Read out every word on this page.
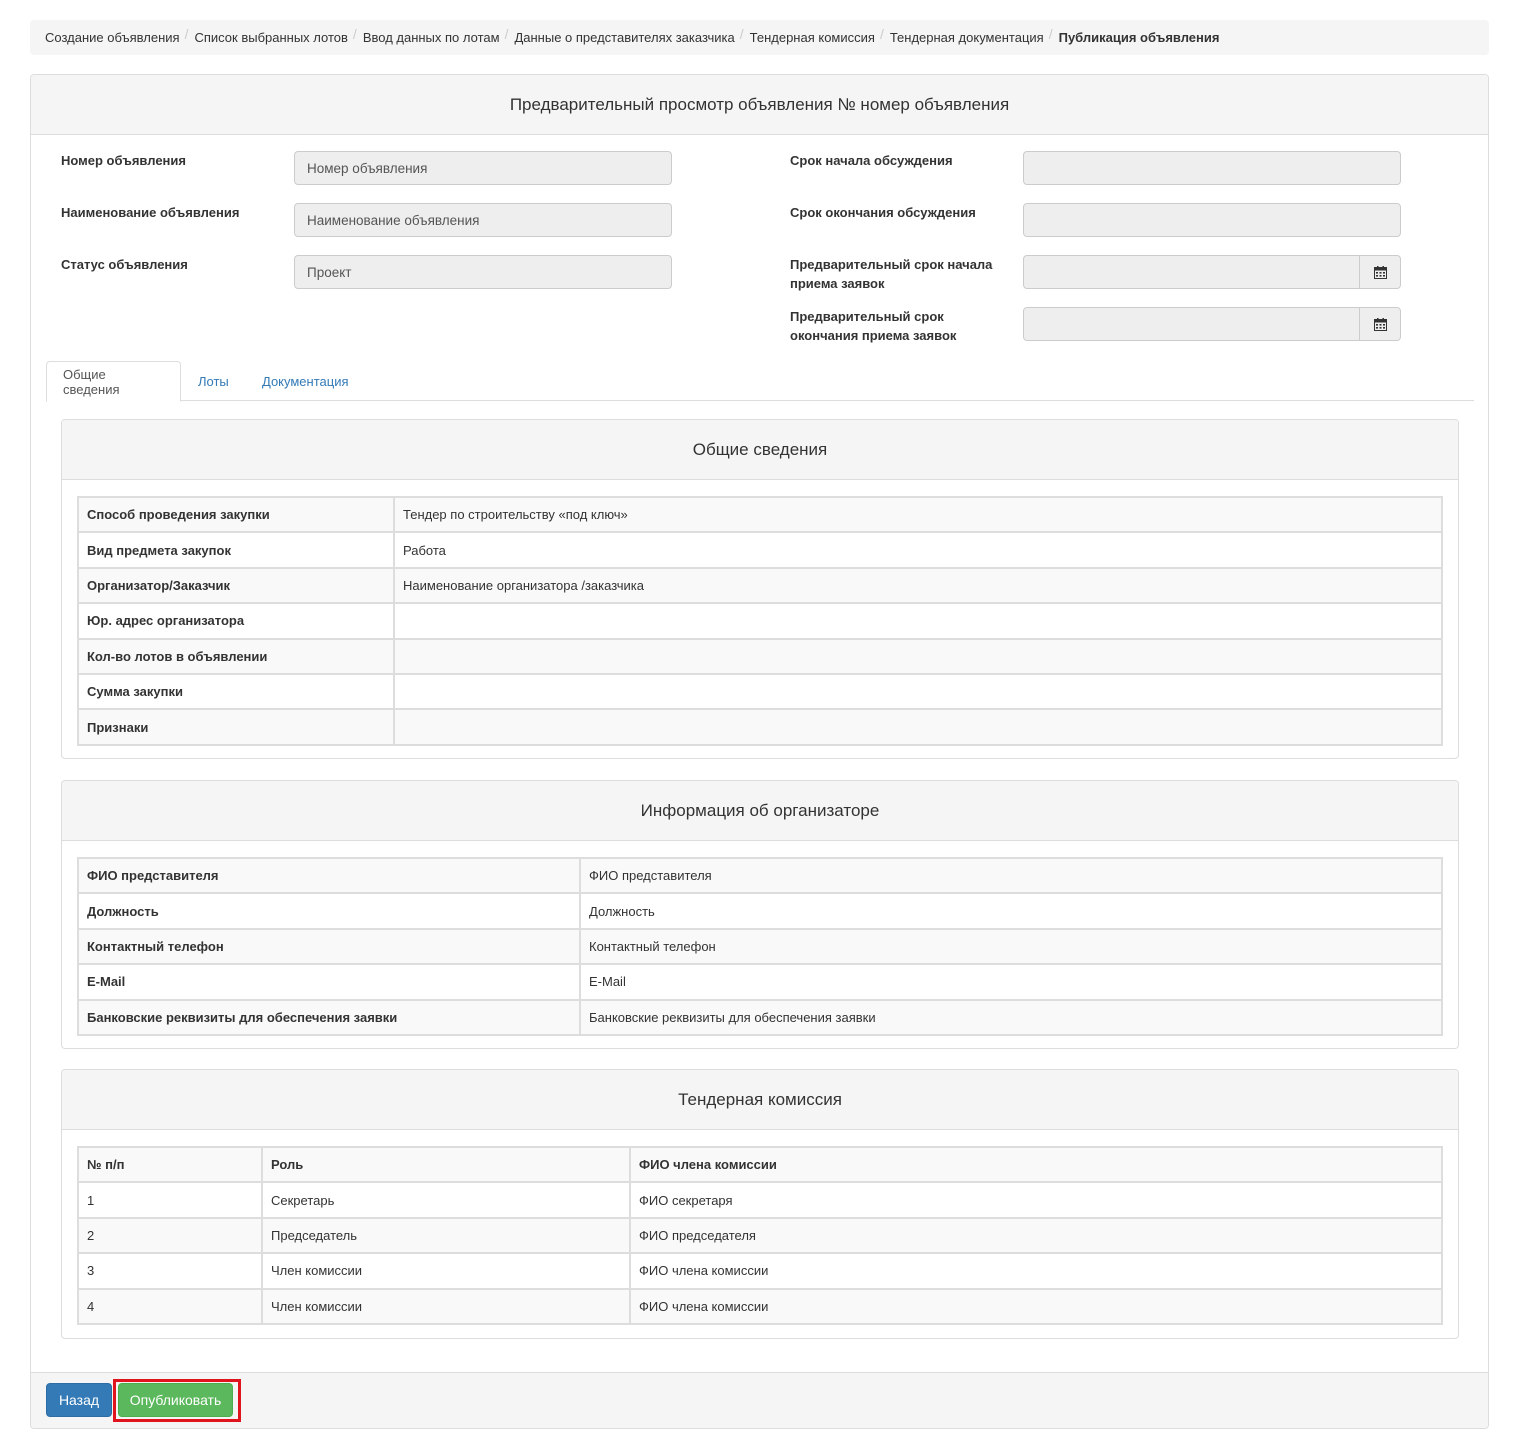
Создание объявления / Список выбранных лотов / Ввод данных по лотам / Данные о представителях заказчика / Тендерная комиссия / Тендерная документация / Публикация объявления
Предварительный просмотр объявления № номер объявления
Номер объявления	Номер объявления
Наименование объявления	Наименование объявления
Статус объявления	Проект
Срок начала обсуждения
Срок окончания обсуждения
Предварительный срок начала
приема заявок
Предварительный срок
окончания приема заявок
Общие сведения
Лоты	Документация
Общие сведения
Способ проведения закупки	Тендер по строительству «под ключ»
Вид предмета закупок	Работа
Организатор/Заказчик	Наименование организатора /заказчика
Юр. адрес организатора	
Кол-во лотов в объявлении	
Сумма закупки	
Признаки	
Информация об организаторе
ФИО представителя	ФИО представителя
Должность	Должность
Контактный телефон	Контактный телефон
E-Mail	E-Mail
Банковские реквизиты для обеспечения заявки	Банковские реквизиты для обеспечения заявки
Тендерная комиссия
№ п/п	Роль	ФИО члена комиссии
1	Секретарь	ФИО секретаря
2	Председатель	ФИО председателя
3	Член комиссии	ФИО члена комиссии
4	Член комиссии	ФИО члена комиссии
Назад	Опубликовать
